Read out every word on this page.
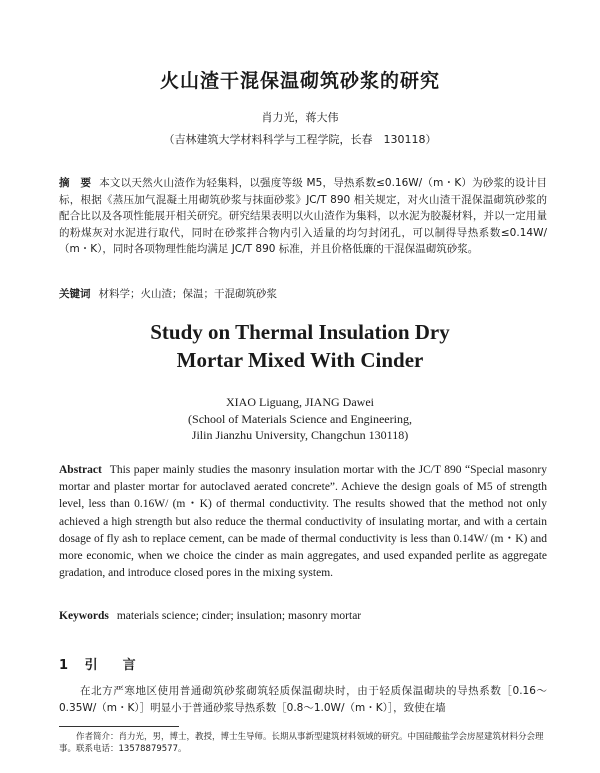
火山渣干混保温砌筑砂浆的研究
肖力光，蒋大伟
（吉林建筑大学材料科学与工程学院，长春　130118）
摘　要 本文以天然火山渣作为轻集料，以强度等级 M5，导热系数≤0.16W/（m・K）为砂浆的设计目标，根据《蒸压加气混凝土用砌筑砂浆与抹面砂浆》JC/T 890 相关规定，对火山渣干混保温砌筑砂浆的配合比以及各项性能展开相关研究。研究结果表明以火山渣作为集料，以水泥为胶凝材料，并以一定用量的粉煤灰对水泥进行取代，同时在砂浆拌合物内引入适量的均匀封闭孔，可以制得导热系数≤0.14W/（m・K），同时各项物理性能均满足 JC/T 890 标准，并且价格低廉的干混保温砌筑砂浆。
关键词 材料学；火山渣；保温；干混砌筑砂浆
Study on Thermal Insulation Dry
Mortar Mixed With Cinder
XIAO Liguang, JIANG Dawei
(School of Materials Science and Engineering,
Jilin Jianzhu University, Changchun 130118)
Abstract This paper mainly studies the masonry insulation mortar with the JC/T 890 “Special masonry mortar and plaster mortar for autoclaved aerated concrete”. Achieve the design goals of M5 of strength level, less than 0.16W/ (m・K) of thermal conductivity. The results showed that the method not only achieved a high strength but also reduce the thermal conductivity of insulating mortar, and with a certain dosage of fly ash to replace cement, can be made of thermal conductivity is less than 0.14W/ (m・K) and more economic, when we choice the cinder as main aggregates, and used expanded perlite as aggregate gradation, and introduce closed pores in the mixing system.
Keywords materials science; cinder; insulation; masonry mortar
1 引　言
在北方严寒地区使用普通砌筑砂浆砌筑轻质保温砌块时，由于轻质保温砌块的导热系数［0.16～0.35W/（m・K）］明显小于普通砂浆导热系数［0.8～1.0W/（m・K）］，致使在墙
作者简介：肖力光，男，博士，教授，博士生导师。长期从事新型建筑材料领域的研究。中国硅酸盐学会房屋建筑材料分会理事。联系电话：13578879577。
